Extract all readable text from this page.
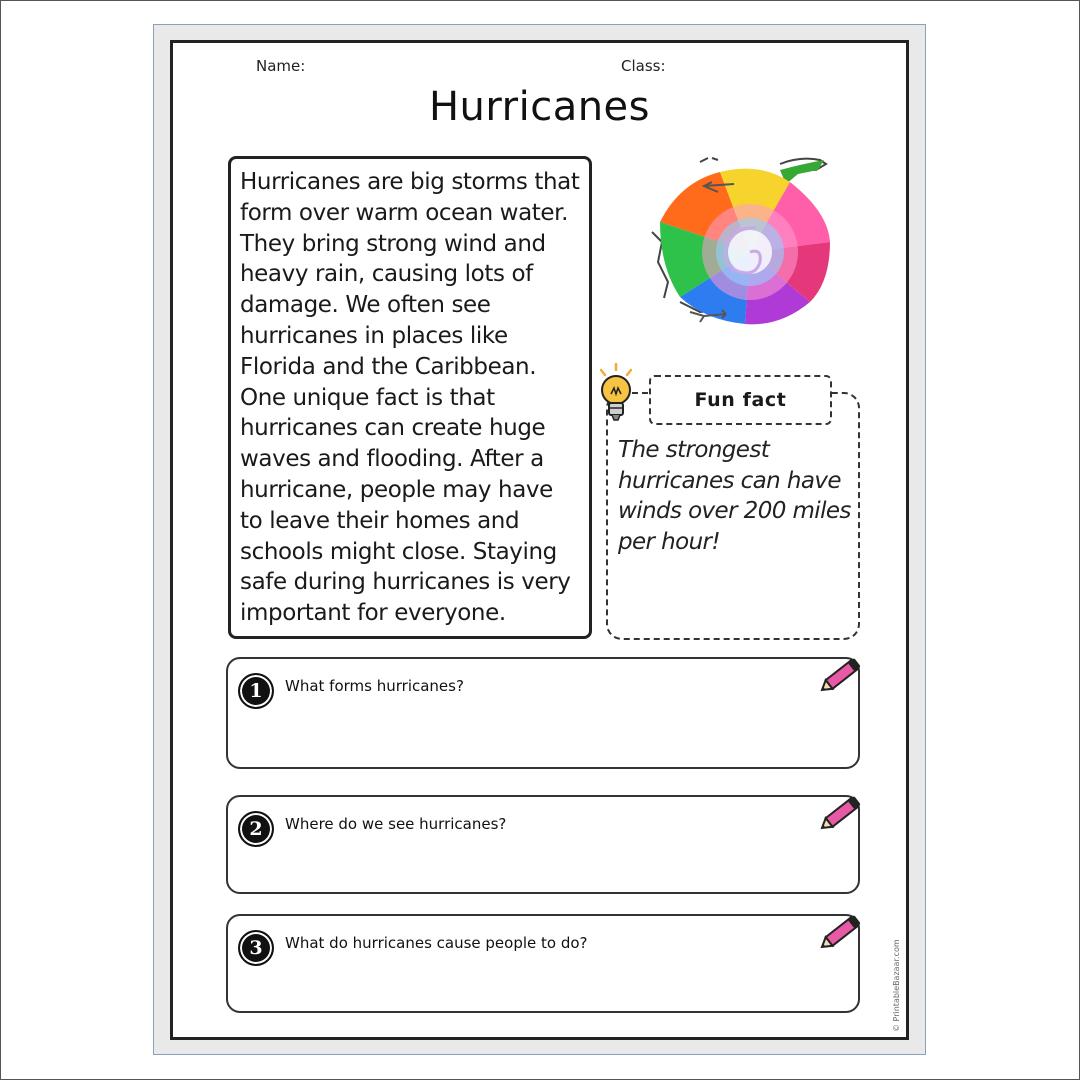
Name:	Class:
Hurricanes

Hurricanes are big storms that form over warm ocean water. They bring strong wind and heavy rain, causing lots of damage. We often see hurricanes in places like Florida and the Caribbean. One unique fact is that hurricanes can create huge waves and flooding. After a hurricane, people may have to leave their homes and schools might close. Staying safe during hurricanes is very important for everyone.

Fun fact

The strongest hurricanes can have winds over 200 miles per hour!

1	What forms hurricanes?
2	Where do we see hurricanes?
3	What do hurricanes cause people to do?	© PrintableBazaar.com
